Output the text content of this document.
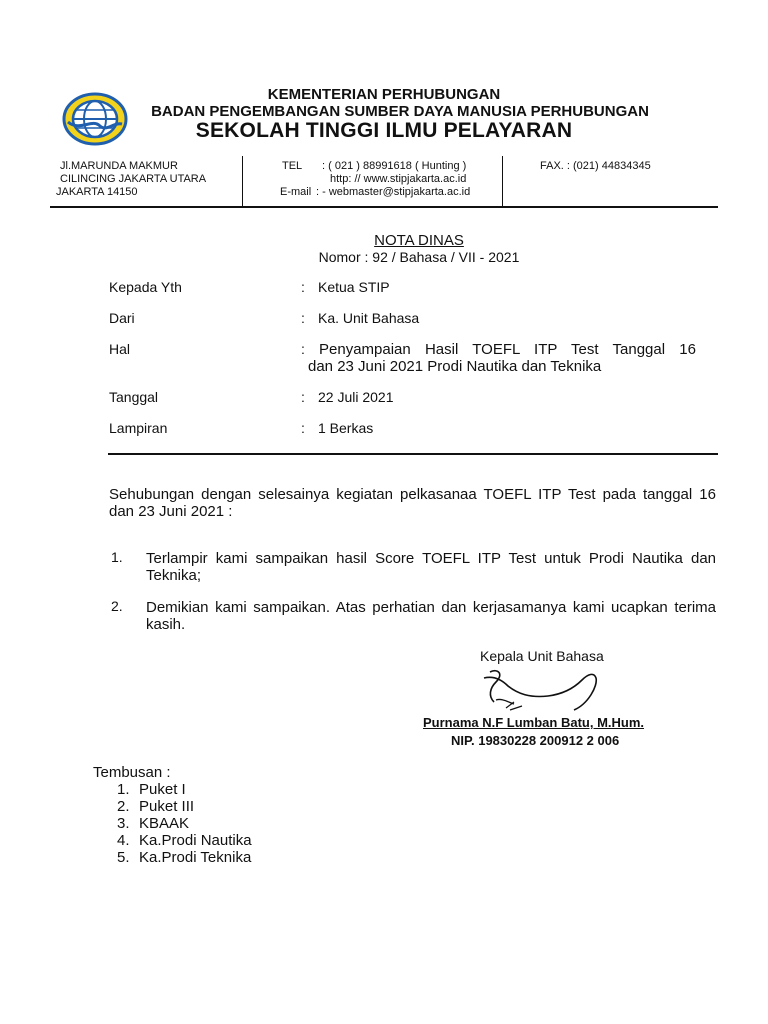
KEMENTERIAN PERHUBUNGAN
BADAN PENGEMBANGAN SUMBER DAYA MANUSIA PERHUBUNGAN
SEKOLAH TINGGI ILMU PELAYARAN
Jl.MARUNDA MAKMUR
CILINCING JAKARTA UTARA
JAKARTA 14150
TEL : ( 021 ) 88991618 ( Hunting )
http: // www.stipjakarta.ac.id
E-mail : - webmaster@stipjakarta.ac.id
FAX. : (021) 44834345
NOTA DINAS
Nomor : 92 / Bahasa / VII - 2021
Kepada Yth	: Ketua STIP
Dari	: Ka. Unit Bahasa
Hal	: Penyampaian Hasil TOEFL ITP Test Tanggal 16
dan 23 Juni 2021 Prodi Nautika dan Teknika
Tanggal	: 22 Juli 2021
Lampiran	: 1 Berkas
Sehubungan dengan selesainya kegiatan pelkasanaa TOEFL ITP Test pada tanggal 16
dan 23 Juni 2021 :
1. Terlampir kami sampaikan hasil Score TOEFL ITP Test untuk Prodi Nautika dan
Teknika;
2. Demikian kami sampaikan. Atas perhatian dan kerjasamanya kami ucapkan terima
kasih.
Kepala Unit Bahasa
Purnama N.F Lumban Batu, M.Hum.
NIP. 19830228 200912 2 006
Tembusan :
1. Puket I
2. Puket III
3. KBAAK
4. Ka.Prodi Nautika
5. Ka.Prodi Teknika
